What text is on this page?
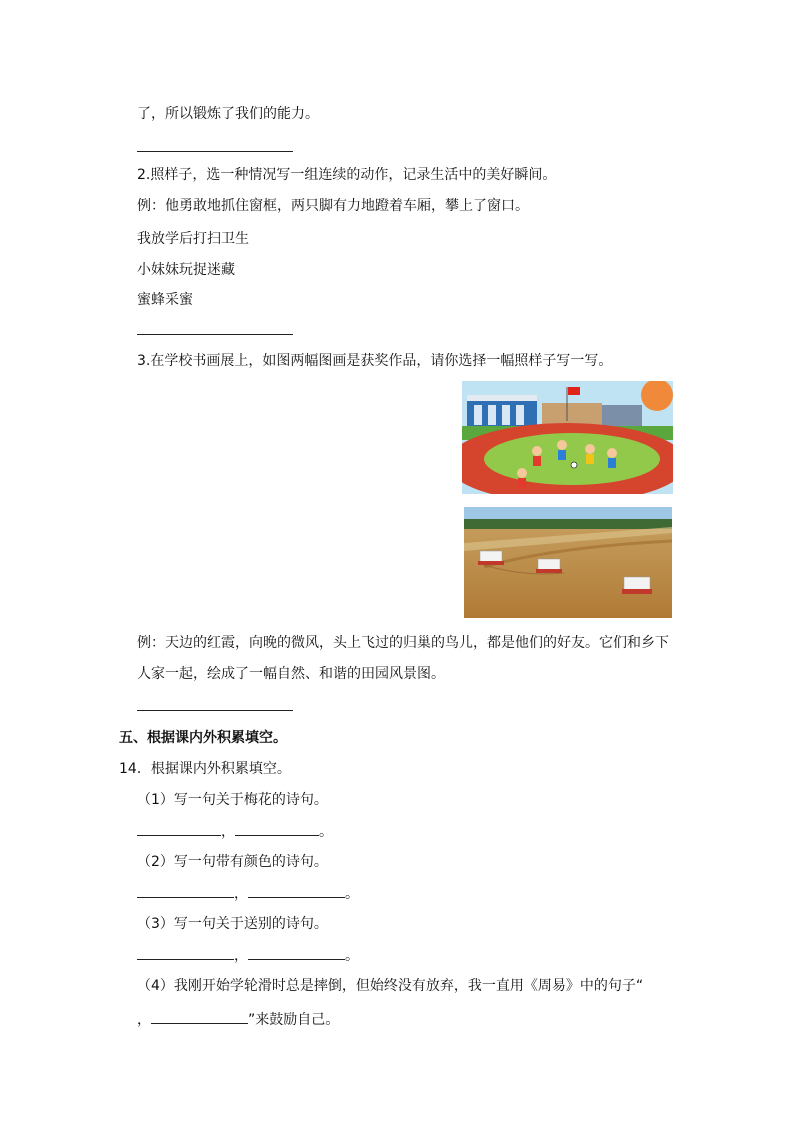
了，所以锻炼了我们的能力。
2.照样子，选一种情况写一组连续的动作，记录生活中的美好瞬间。
例：他勇敢地抓住窗框，两只脚有力地蹬着车厢，攀上了窗口。
我放学后打扫卫生
小妹妹玩捉迷藏
蜜蜂采蜜
3.在学校书画展上，如图两幅图画是获奖作品，请你选择一幅照样子写一写。
例：天边的红霞，向晚的微风，头上飞过的归巢的鸟儿，都是他们的好友。它们和乡下
人家一起，绘成了一幅自然、和谐的田园风景图。
五、根据课内外积累填空。
14．根据课内外积累填空。
（1）写一句关于梅花的诗句。
，	。
（2）写一句带有颜色的诗句。
，	。
（3）写一句关于送别的诗句。
，	。
（4）我刚开始学轮滑时总是摔倒，但始终没有放弃，我一直用《周易》中的句子“
，	”来鼓励自己。
